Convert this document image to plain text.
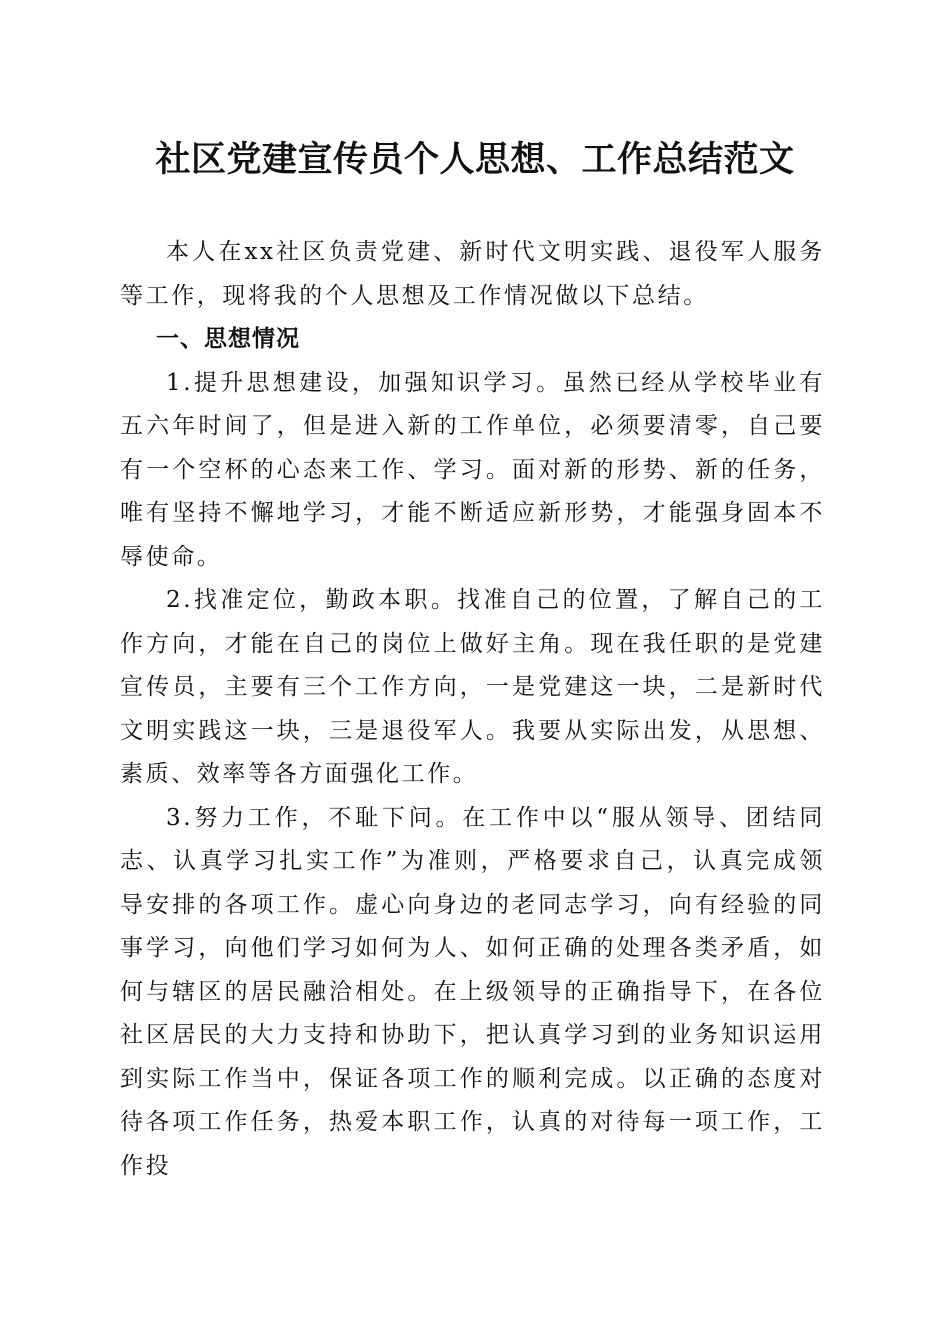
社区党建宣传员个人思想、工作总结范文

本人在xx社区负责党建、新时代文明实践、退役军人服务等工作，现将我的个人思想及工作情况做以下总结。

一、思想情况

1.提升思想建设，加强知识学习。虽然已经从学校毕业有五六年时间了，但是进入新的工作单位，必须要清零，自己要有一个空杯的心态来工作、学习。面对新的形势、新的任务，唯有坚持不懈地学习，才能不断适应新形势，才能强身固本不辱使命。

2.找准定位，勤政本职。找准自己的位置，了解自己的工作方向，才能在自己的岗位上做好主角。现在我任职的是党建宣传员，主要有三个工作方向，一是党建这一块，二是新时代文明实践这一块，三是退役军人。我要从实际出发，从思想、素质、效率等各方面强化工作。

3.努力工作，不耻下问。在工作中以“服从领导、团结同志、认真学习扎实工作”为准则，严格要求自己，认真完成领导安排的各项工作。虚心向身边的老同志学习，向有经验的同事学习，向他们学习如何为人、如何正确的处理各类矛盾，如何与辖区的居民融洽相处。在上级领导的正确指导下，在各位社区居民的大力支持和协助下，把认真学习到的业务知识运用到实际工作当中，保证各项工作的顺利完成。以正确的态度对待各项工作任务，热爱本职工作，认真的对待每一项工作，工作投
